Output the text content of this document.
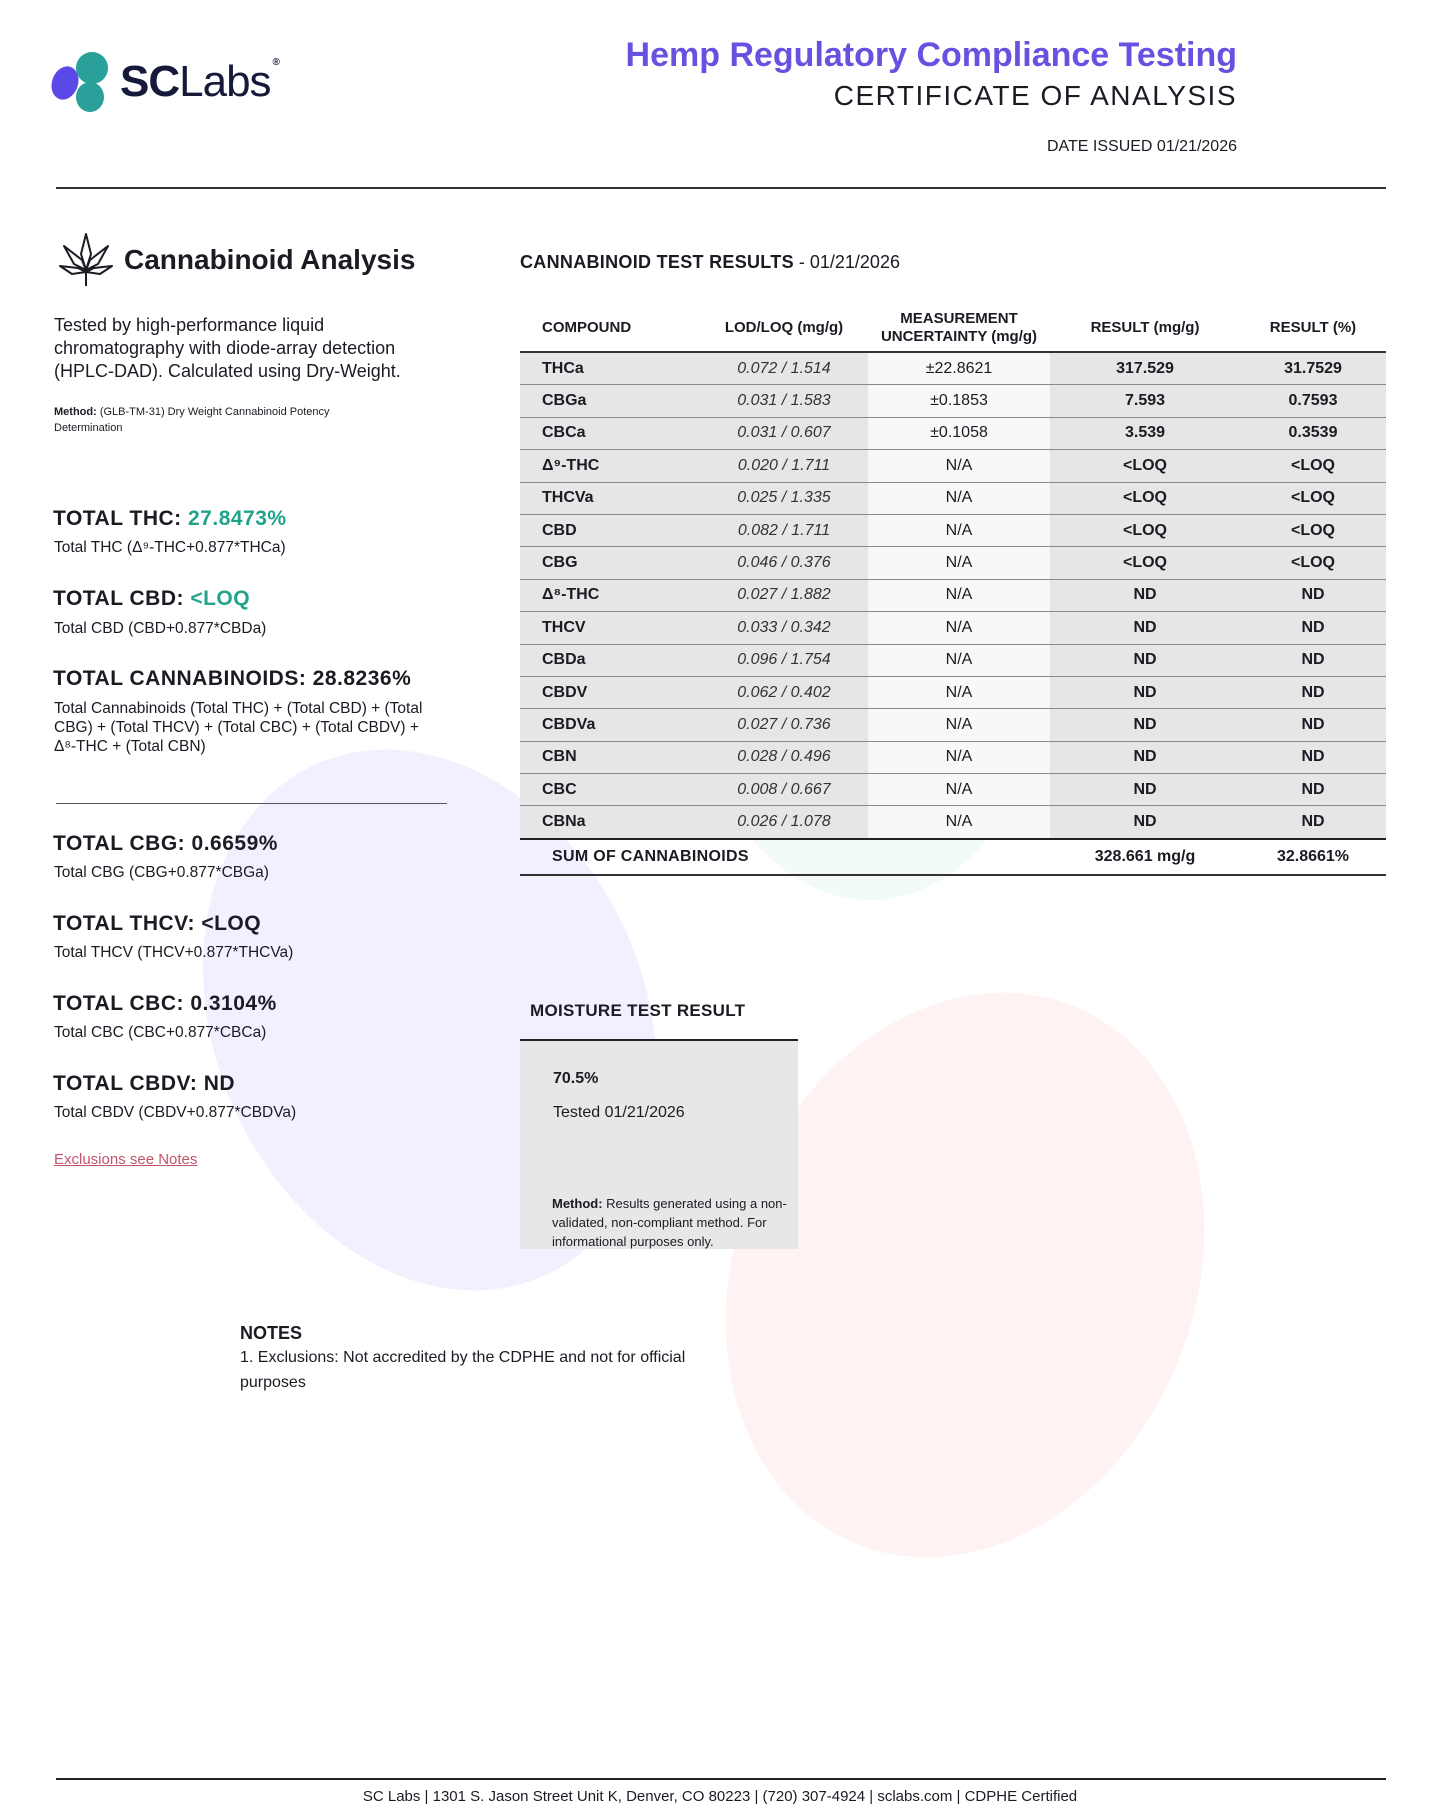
SCLabs ®	Hemp Regulatory Compliance Testing
CERTIFICATE OF ANALYSIS
DATE ISSUED 01/21/2026
Cannabinoid Analysis
Tested by high-performance liquid chromatography with diode-array detection (HPLC-DAD). Calculated using Dry-Weight.
Method: (GLB-TM-31) Dry Weight Cannabinoid Potency Determination
TOTAL THC: 27.8473%
Total THC (Δ⁹-THC+0.877*THCa)
TOTAL CBD: <LOQ
Total CBD (CBD+0.877*CBDa)
TOTAL CANNABINOIDS: 28.8236%
Total Cannabinoids (Total THC) + (Total CBD) + (Total CBG) + (Total THCV) + (Total CBC) + (Total CBDV) + Δ⁸-THC + (Total CBN)
TOTAL CBG: 0.6659%
Total CBG (CBG+0.877*CBGa)
TOTAL THCV: <LOQ
Total THCV (THCV+0.877*THCVa)
TOTAL CBC: 0.3104%
Total CBC (CBC+0.877*CBCa)
TOTAL CBDV: ND
Total CBDV (CBDV+0.877*CBDVa)
Exclusions see Notes
CANNABINOID TEST RESULTS - 01/21/2026
COMPOUND	LOD/LOQ (mg/g)	MEASUREMENT UNCERTAINTY (mg/g)	RESULT (mg/g)	RESULT (%)
THCa	0.072 / 1.514	±22.8621	317.529	31.7529
CBGa	0.031 / 1.583	±0.1853	7.593	0.7593
CBCa	0.031 / 0.607	±0.1058	3.539	0.3539
Δ⁹-THC	0.020 / 1.711	N/A	<LOQ	<LOQ
THCVa	0.025 / 1.335	N/A	<LOQ	<LOQ
CBD	0.082 / 1.711	N/A	<LOQ	<LOQ
CBG	0.046 / 0.376	N/A	<LOQ	<LOQ
Δ⁸-THC	0.027 / 1.882	N/A	ND	ND
THCV	0.033 / 0.342	N/A	ND	ND
CBDa	0.096 / 1.754	N/A	ND	ND
CBDV	0.062 / 0.402	N/A	ND	ND
CBDVa	0.027 / 0.736	N/A	ND	ND
CBN	0.028 / 0.496	N/A	ND	ND
CBC	0.008 / 0.667	N/A	ND	ND
CBNa	0.026 / 1.078	N/A	ND	ND
SUM OF CANNABINOIDS			328.661 mg/g	32.8661%
MOISTURE TEST RESULT
70.5%
Tested 01/21/2026
Method: Results generated using a non-validated, non-compliant method. For informational purposes only.
NOTES
1. Exclusions: Not accredited by the CDPHE and not for official purposes
SC Labs | 1301 S. Jason Street Unit K, Denver, CO 80223 | (720) 307-4924 | sclabs.com | CDPHE Certified
